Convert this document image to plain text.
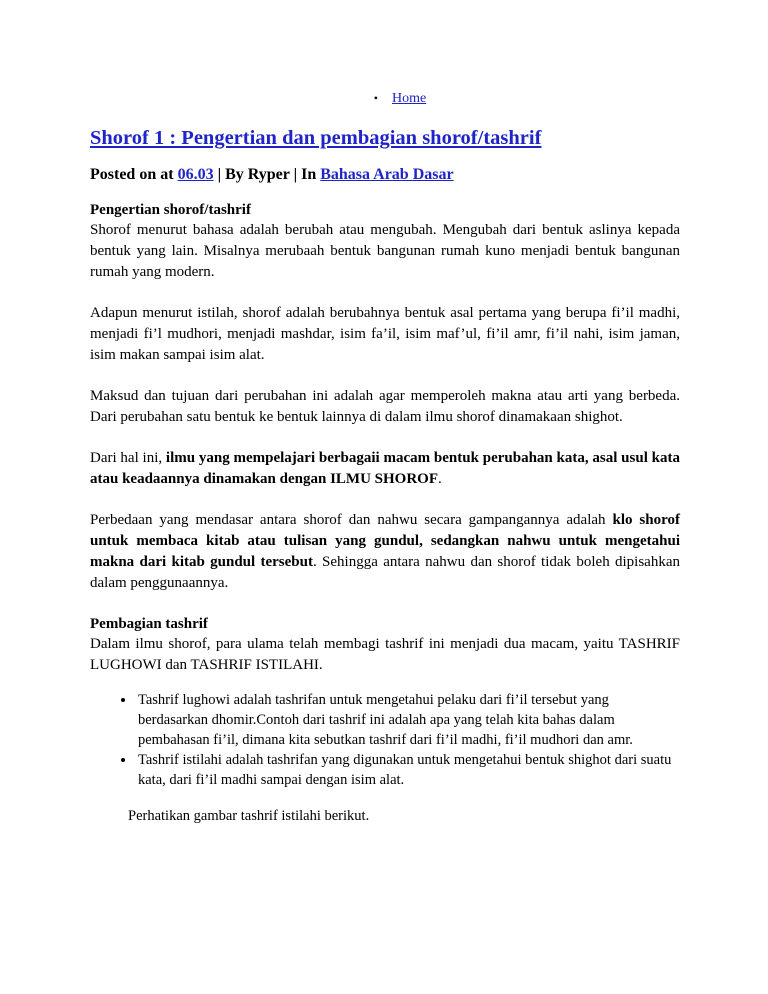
• Home
Shorof 1 : Pengertian dan pembagian shorof/tashrif
Posted on at 06.03 | By Ryper | In Bahasa Arab Dasar
Pengertian shorof/tashrif

Shorof menurut bahasa adalah berubah atau mengubah. Mengubah dari bentuk aslinya kepada bentuk yang lain. Misalnya merubaah bentuk bangunan rumah kuno menjadi bentuk bangunan rumah yang modern.

Adapun menurut istilah, shorof adalah berubahnya bentuk asal pertama yang berupa fi’il madhi, menjadi fi’l mudhori, menjadi mashdar, isim fa’il, isim maf’ul, fi’il amr, fi’il nahi, isim jaman, isim makan sampai isim alat.

Maksud dan tujuan dari perubahan ini adalah agar memperoleh makna atau arti yang berbeda. Dari perubahan satu bentuk ke bentuk lainnya di dalam ilmu shorof dinamakaan shighot.

Dari hal ini, ilmu yang mempelajari berbagaii macam bentuk perubahan kata, asal usul kata atau keadaannya dinamakan dengan ILMU SHOROF.

Perbedaan yang mendasar antara shorof dan nahwu secara gampangannya adalah klo shorof untuk membaca kitab atau tulisan yang gundul, sedangkan nahwu untuk mengetahui makna dari kitab gundul tersebut. Sehingga antara nahwu dan shorof tidak boleh dipisahkan dalam penggunaannya.

Pembagian tashrif

Dalam ilmu shorof, para ulama telah membagi tashrif ini menjadi dua macam, yaitu TASHRIF LUGHOWI dan TASHRIF ISTILAHI.

• Tashrif lughowi adalah tashrifan untuk mengetahui pelaku dari fi’il tersebut yang berdasarkan dhomir.Contoh dari tashrif ini adalah apa yang telah kita bahas dalam pembahasan fi’il, dimana kita sebutkan tashrif dari fi’il madhi, fi’il mudhori dan amr.
• Tashrif istilahi adalah tashrifan yang digunakan untuk mengetahui bentuk shighot dari suatu kata, dari fi’il madhi sampai dengan isim alat.
Perhatikan gambar tashrif istilahi berikut.
